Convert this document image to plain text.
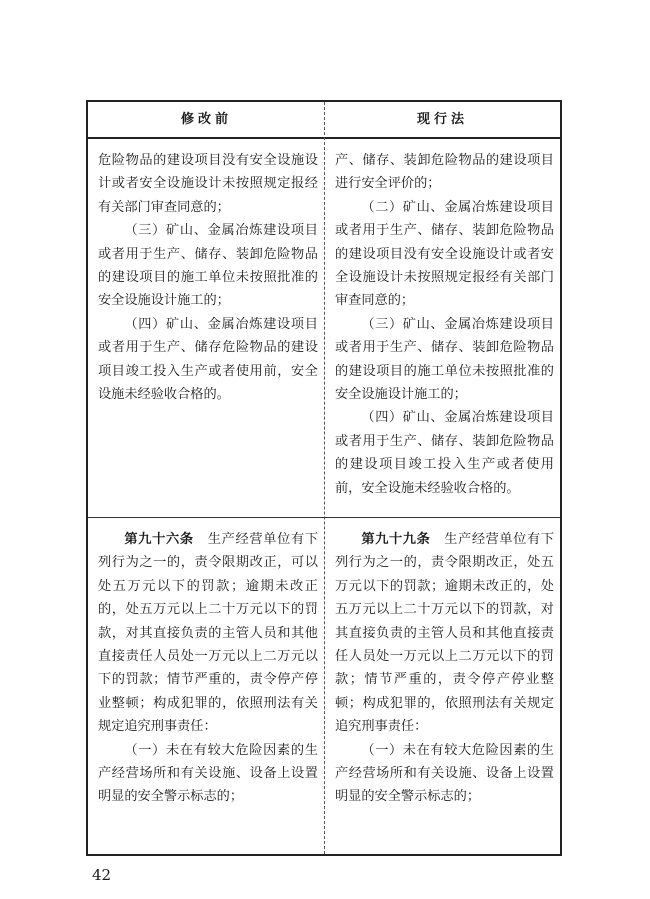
修改前	现行法

危险物品的建设项目没有安全设施设计或者安全设施设计未按照规定报经有关部门审查同意的；

（三）矿山、金属冶炼建设项目或者用于生产、储存、装卸危险物品的建设项目的施工单位未按照批准的安全设施设计施工的；

（四）矿山、金属冶炼建设项目或者用于生产、储存危险物品的建设项目竣工投入生产或者使用前，安全设施未经验收合格的。

产、储存、装卸危险物品的建设项目进行安全评价的；

（二）矿山、金属冶炼建设项目或者用于生产、储存、装卸危险物品的建设项目没有安全设施设计或者安全设施设计未按照规定报经有关部门审查同意的；

（三）矿山、金属冶炼建设项目或者用于生产、储存、装卸危险物品的建设项目的施工单位未按照批准的安全设施设计施工的；

（四）矿山、金属冶炼建设项目或者用于生产、储存、装卸危险物品的建设项目竣工投入生产或者使用前，安全设施未经验收合格的。

第九十六条　 生产经营单位有下列行为之一的，责令限期改正，可以处五万元以下的罚款；逾期未改正的，处五万元以上二十万元以下的罚款，对其直接负责的主管人员和其他直接责任人员处一万元以上二万元以下的罚款；情节严重的，责令停产停业整顿；构成犯罪的，依照刑法有关规定追究刑事责任：

（一）未在有较大危险因素的生产经营场所和有关设施、设备上设置明显的安全警示标志的；

第九十九条　 生产经营单位有下列行为之一的，责令限期改正，处五万元以下的罚款；逾期未改正的，处五万元以上二十万元以下的罚款，对其直接负责的主管人员和其他直接责任人员处一万元以上二万元以下的罚款；情节严重的，责令停产停业整顿；构成犯罪的，依照刑法有关规定追究刑事责任：

（一）未在有较大危险因素的生产经营场所和有关设施、设备上设置明显的安全警示标志的；

42
